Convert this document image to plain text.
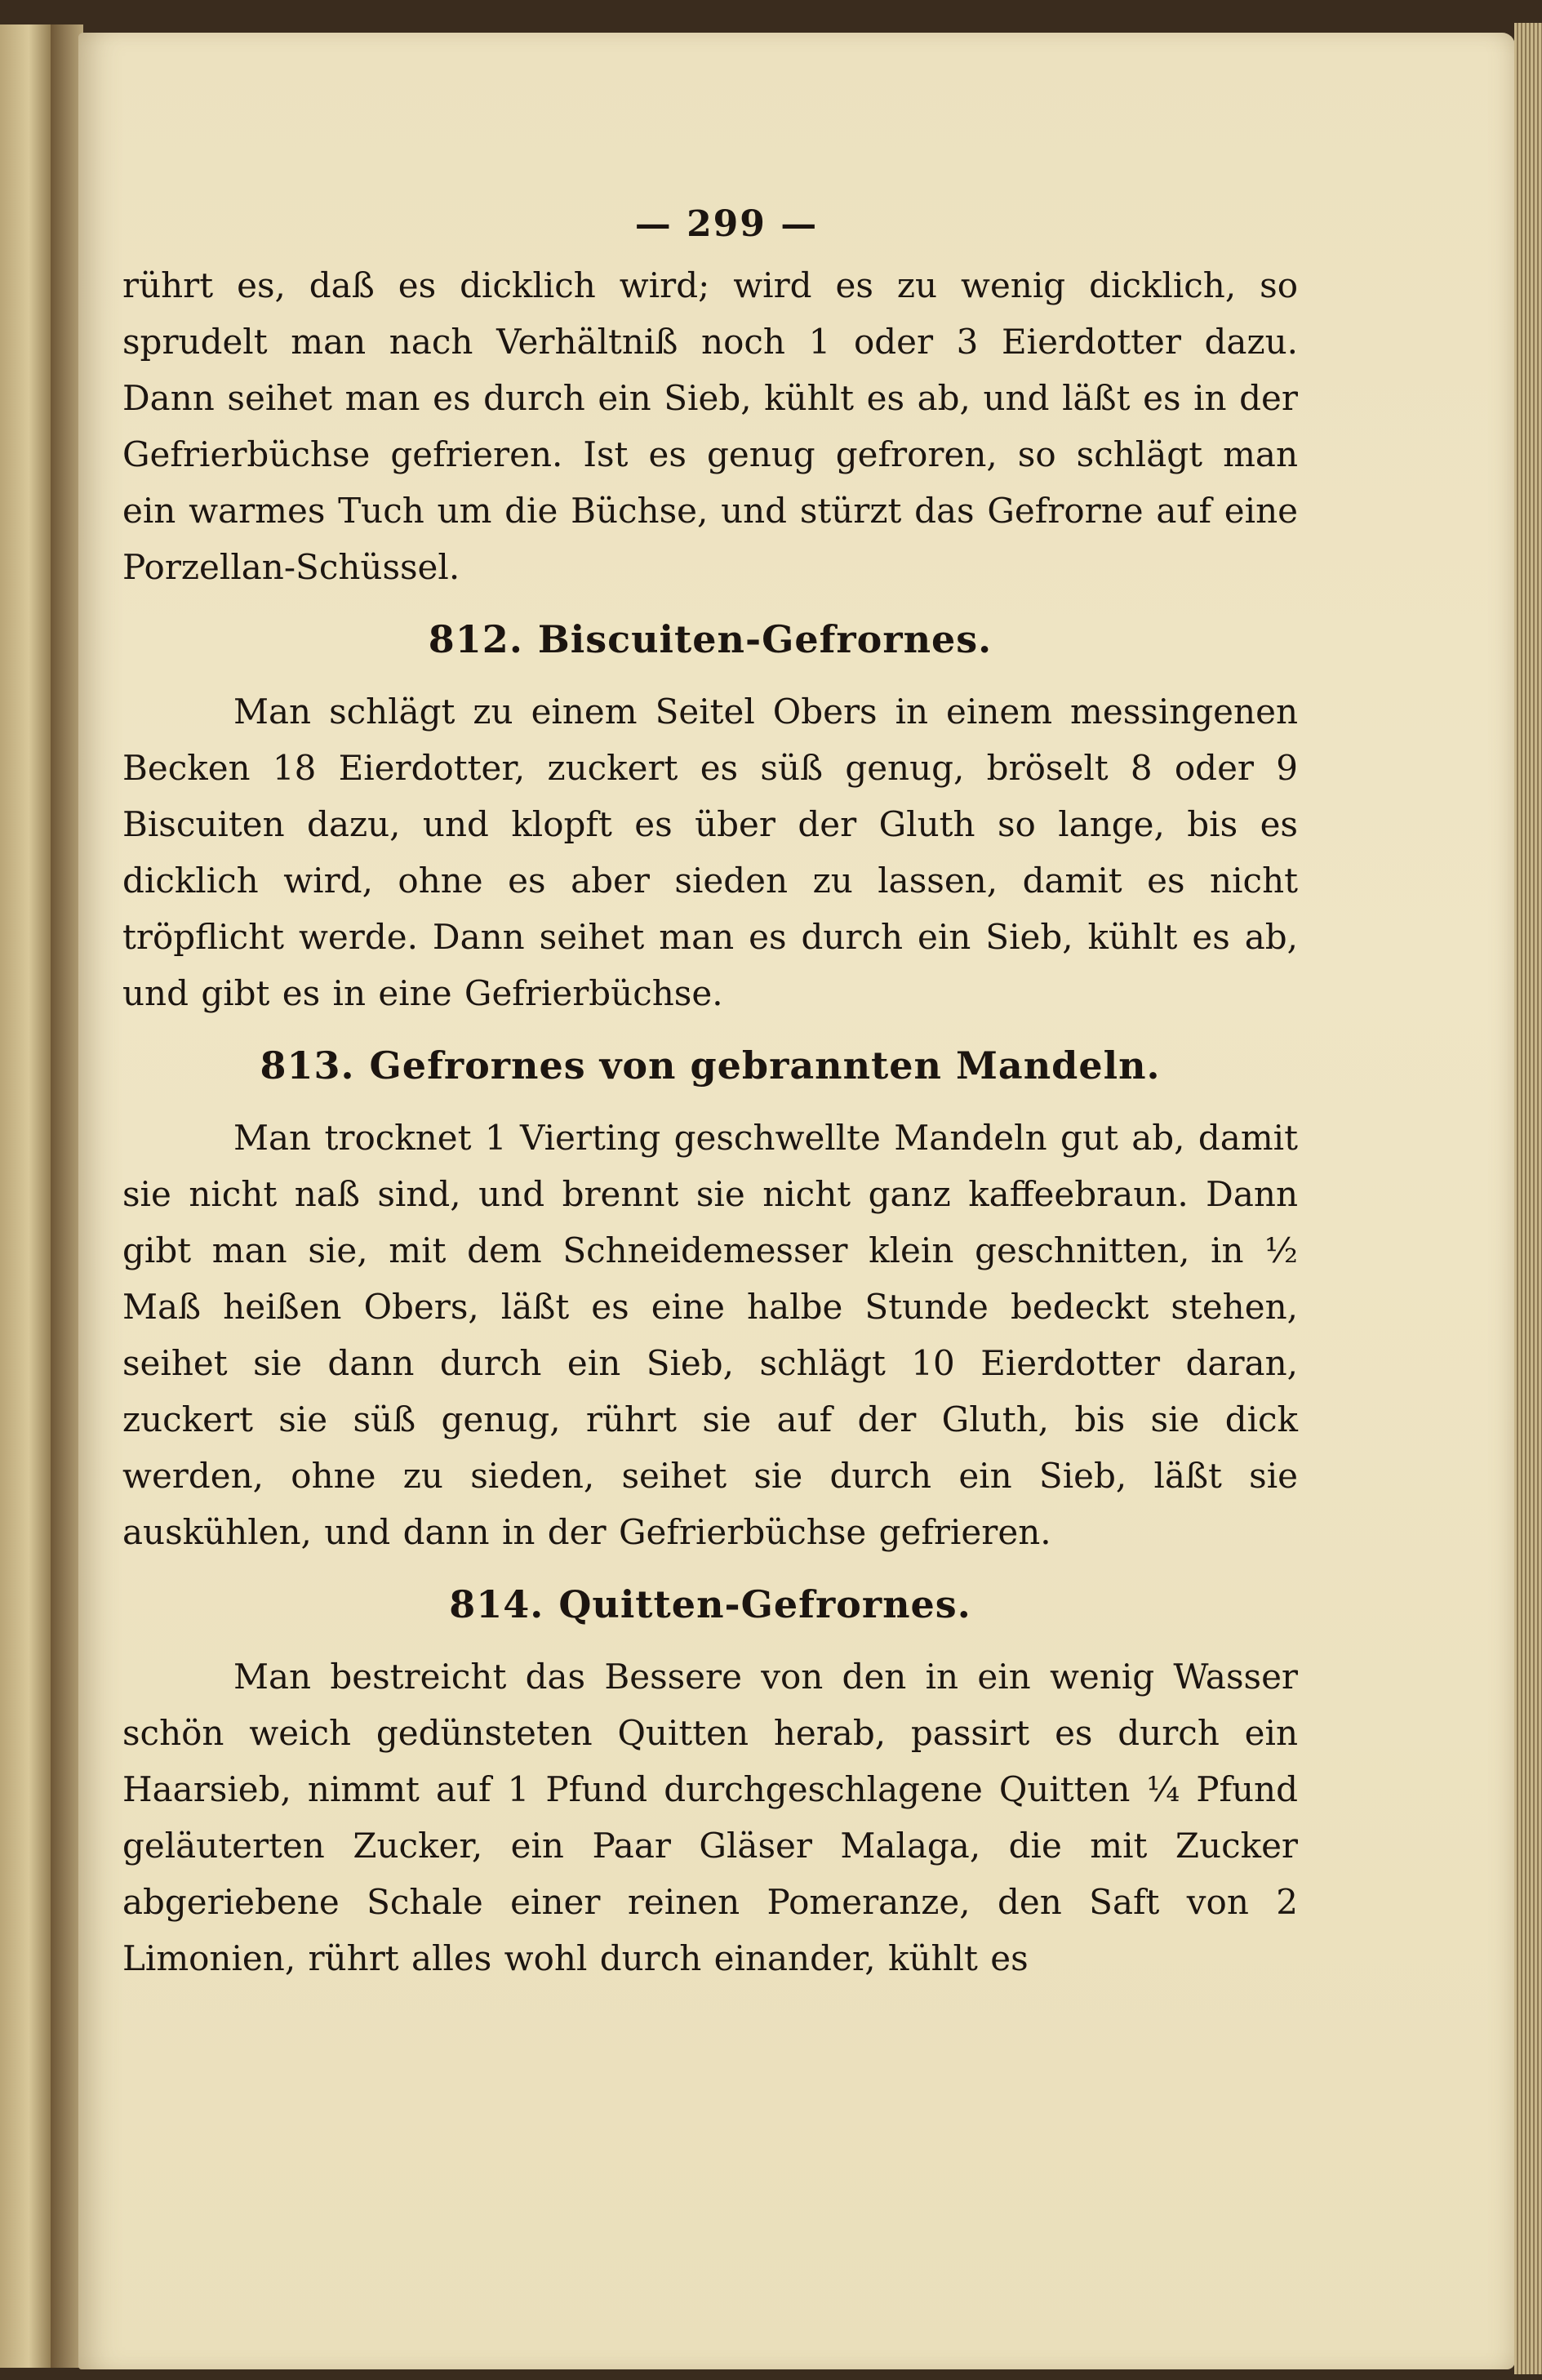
— 299 —

rührt es, daß es dicklich wird; wird es zu wenig dicklich, so sprudelt man nach Verhältniß noch 1 oder 3 Eierdotter dazu. Dann seihet man es durch ein Sieb, kühlt es ab, und läßt es in der Gefrierbüchse gefrieren. Ist es genug gefroren, so schlägt man ein warmes Tuch um die Büchse, und stürzt das Gefrorne auf eine Porzellan-Schüssel.

812. Biscuiten-Gefrornes.

Man schlägt zu einem Seitel Obers in einem messingenen Becken 18 Eierdotter, zuckert es süß genug, bröselt 8 oder 9 Biscuiten dazu, und klopft es über der Gluth so lange, bis es dicklich wird, ohne es aber sieden zu lassen, damit es nicht tröpflicht werde. Dann seihet man es durch ein Sieb, kühlt es ab, und gibt es in eine Gefrierbüchse.

813. Gefrornes von gebrannten Mandeln.

Man trocknet 1 Vierting geschwellte Mandeln gut ab, damit sie nicht naß sind, und brennt sie nicht ganz kaffeebraun. Dann gibt man sie, mit dem Schneidemesser klein geschnitten, in ½ Maß heißen Obers, läßt es eine halbe Stunde bedeckt stehen, seihet sie dann durch ein Sieb, schlägt 10 Eierdotter daran, zuckert sie süß genug, rührt sie auf der Gluth, bis sie dick werden, ohne zu sieden, seihet sie durch ein Sieb, läßt sie auskühlen, und dann in der Gefrierbüchse gefrieren.

814. Quitten-Gefrornes.

Man bestreicht das Bessere von den in ein wenig Wasser schön weich gedünsteten Quitten herab, passirt es durch ein Haarsieb, nimmt auf 1 Pfund durchgeschlagene Quitten ¼ Pfund geläuterten Zucker, ein Paar Gläser Malaga, die mit Zucker abgeriebene Schale einer reinen Pomeranze, den Saft von 2 Limonien, rührt alles wohl durch einander, kühlt es
